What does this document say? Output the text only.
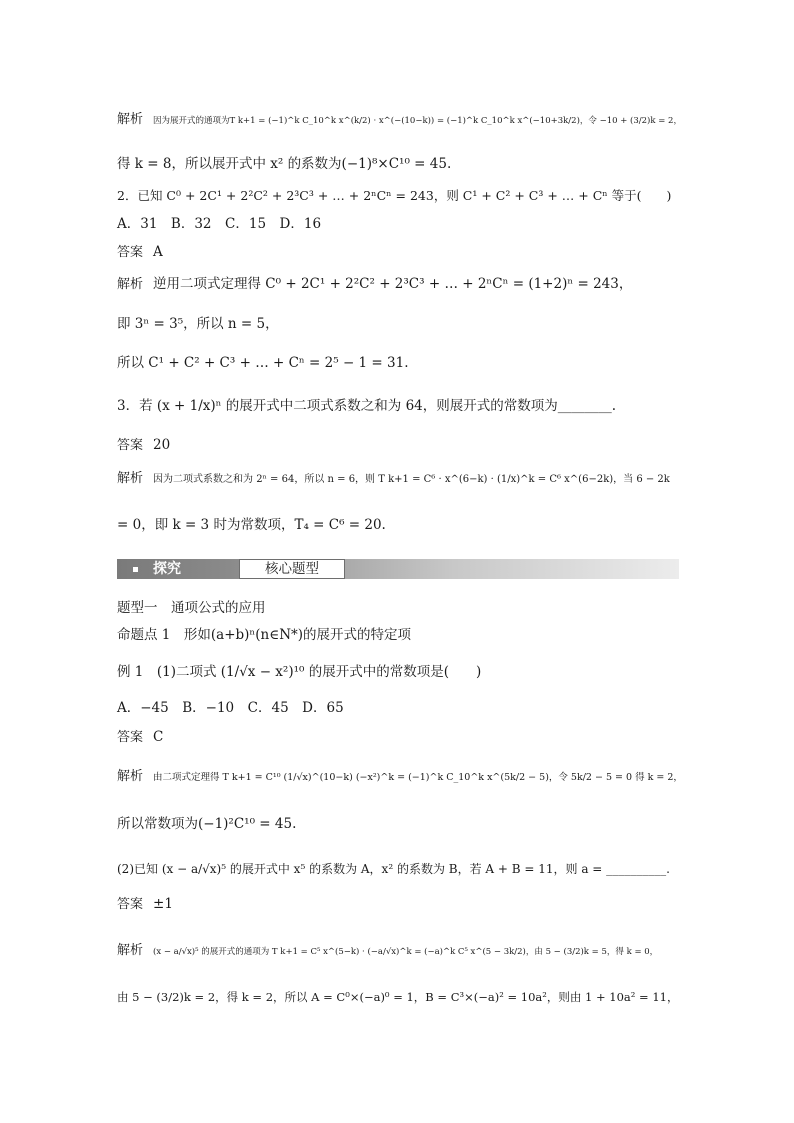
解析 因为展开式的通项为T k+1 = (−1)^k C_10^k x^(k/2) · x^(−(10−k)) = (−1)^k C_10^k x^(−10+3k/2)，令 −10 + (3/2)k = 2，
得 k = 8，所以展开式中 x² 的系数为(−1)⁸×C¹⁰ = 45.
2．已知 C⁰ + 2C¹ + 2²C² + 2³C³ + … + 2ⁿCⁿ = 243，则 C¹ + C² + C³ + … + Cⁿ 等于(　　)
A．31　B．32　C．15　D．16
答案 A
解析 逆用二项式定理得 C⁰ + 2C¹ + 2²C² + 2³C³ + … + 2ⁿCⁿ = (1+2)ⁿ = 243，
即 3ⁿ = 3⁵，所以 n = 5，
所以 C¹ + C² + C³ + … + Cⁿ = 2⁵ − 1 = 31.
3．若 (x + 1/x)ⁿ 的展开式中二项式系数之和为 64，则展开式的常数项为________.
答案 20
解析 因为二项式系数之和为 2ⁿ = 64，所以 n = 6，则 T k+1 = C⁶ · x^(6−k) · (1/x)^k = C⁶ x^(6−2k)，当 6 − 2k
= 0，即 k = 3 时为常数项，T₄ = C⁶ = 20.
探究	核心题型
题型一　通项公式的应用
命题点 1　形如(a+b)ⁿ(n∈N*)的展开式的特定项
例 1　(1)二项式 (1/√x − x²)¹⁰ 的展开式中的常数项是(　　)
A．−45　B．−10　C．45　D．65
答案 C
解析 由二项式定理得 T k+1 = C¹⁰ (1/√x)^(10−k) (−x²)^k = (−1)^k C_10^k x^(5k/2 − 5)，令 5k/2 − 5 = 0 得 k = 2，
所以常数项为(−1)²C¹⁰ = 45.
(2)已知 (x − a/√x)⁵ 的展开式中 x⁵ 的系数为 A，x² 的系数为 B，若 A + B = 11，则 a = __________.
答案 ±1
解析 (x − a/√x)⁵ 的展开式的通项为 T k+1 = C⁵ x^(5−k) · (−a/√x)^k = (−a)^k C⁵ x^(5 − 3k/2)，由 5 − (3/2)k = 5，得 k = 0，
由 5 − (3/2)k = 2，得 k = 2，所以 A = C⁰×(−a)⁰ = 1，B = C³×(−a)² = 10a²，则由 1 + 10a² = 11，
